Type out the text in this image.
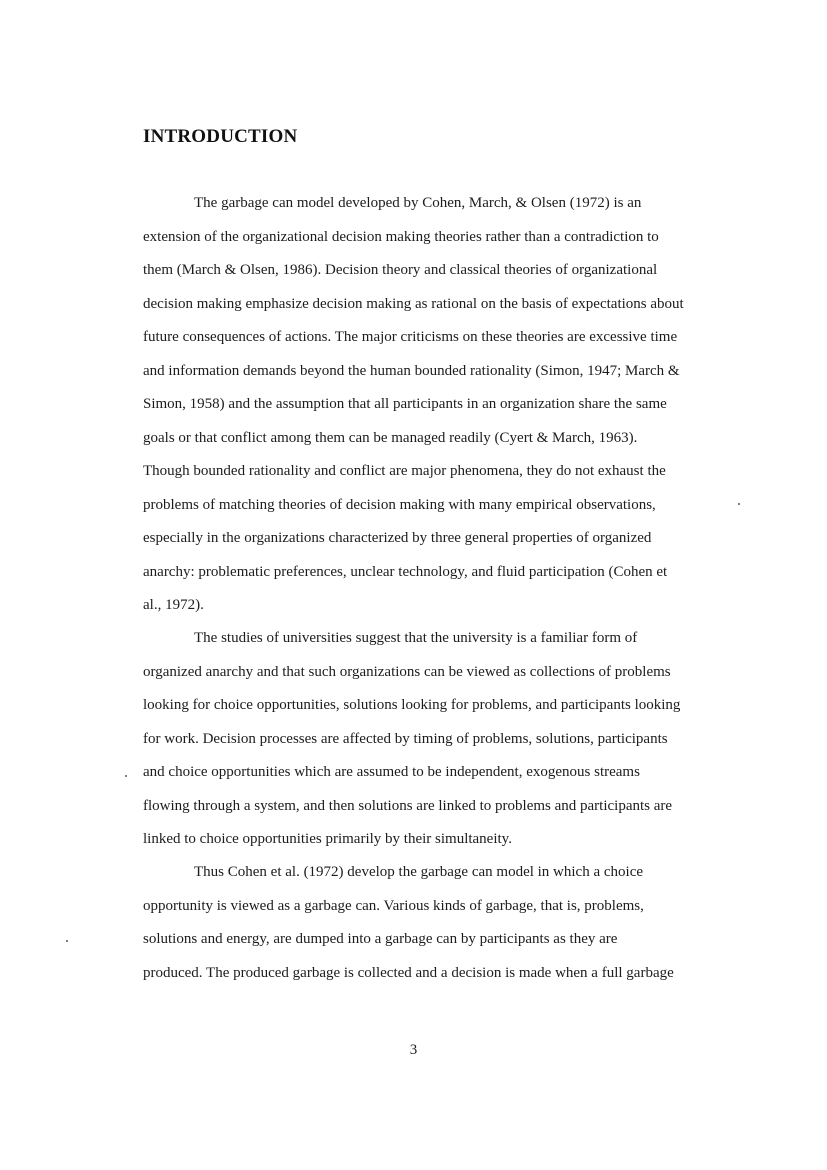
INTRODUCTION
The garbage can model developed by Cohen, March, & Olsen (1972) is an
extension of the organizational decision making theories rather than a contradiction to
them (March & Olsen, 1986). Decision theory and classical theories of organizational
decision making emphasize decision making as rational on the basis of expectations about
future consequences of actions. The major criticisms on these theories are excessive time
and information demands beyond the human bounded rationality (Simon, 1947; March &
Simon, 1958) and the assumption that all participants in an organization share the same
goals or that conflict among them can be managed readily (Cyert & March, 1963).
Though bounded rationality and conflict are major phenomena, they do not exhaust the
problems of matching theories of decision making with many empirical observations,
especially in the organizations characterized by three general properties of organized
anarchy: problematic preferences, unclear technology, and fluid participation (Cohen et
al., 1972).
The studies of universities suggest that the university is a familiar form of
organized anarchy and that such organizations can be viewed as collections of problems
looking for choice opportunities, solutions looking for problems, and participants looking
for work. Decision processes are affected by timing of problems, solutions, participants
and choice opportunities which are assumed to be independent, exogenous streams
flowing through a system, and then solutions are linked to problems and participants are
linked to choice opportunities primarily by their simultaneity.
Thus Cohen et al. (1972) develop the garbage can model in which a choice
opportunity is viewed as a garbage can. Various kinds of garbage, that is, problems,
solutions and energy, are dumped into a garbage can by participants as they are
produced. The produced garbage is collected and a decision is made when a full garbage
3
